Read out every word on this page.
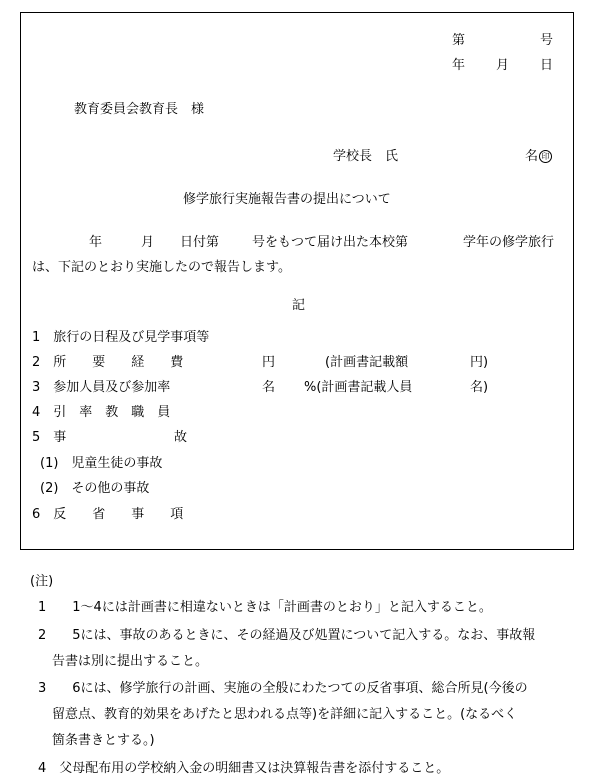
第	号
年 月 日
教育委員会教育長　様
学校長　氏	名 印
修学旅行実施報告書の提出について
年	月 日付第	号をもつて届け出た本校第	学年の修学旅行
は、下記のとおり実施したので報告します。
記
1　旅行の日程及び見学事項等
2　所　　要　　経　　費	円	(計画書記載額	円)
3　参加人員及び参加率	名 %(計画書記載人員	名)
4　引　率　教　職　員
5　事	故
(1)　児童生徒の事故
(2)　その他の事故
6　反　　省　　事　　項
(注)
1　　1～4には計画書に相違ないときは「計画書のとおり」と記入すること。
2　　5には、事故のあるときに、その経過及び処置について記入する。なお、事故報
告書は別に提出すること。
3　　6には、修学旅行の計画、実施の全般にわたつての反省事項、総合所見(今後の
留意点、教育的効果をあげたと思われる点等)を詳細に記入すること。(なるべく
箇条書きとする。)
4　父母配布用の学校納入金の明細書又は決算報告書を添付すること。
